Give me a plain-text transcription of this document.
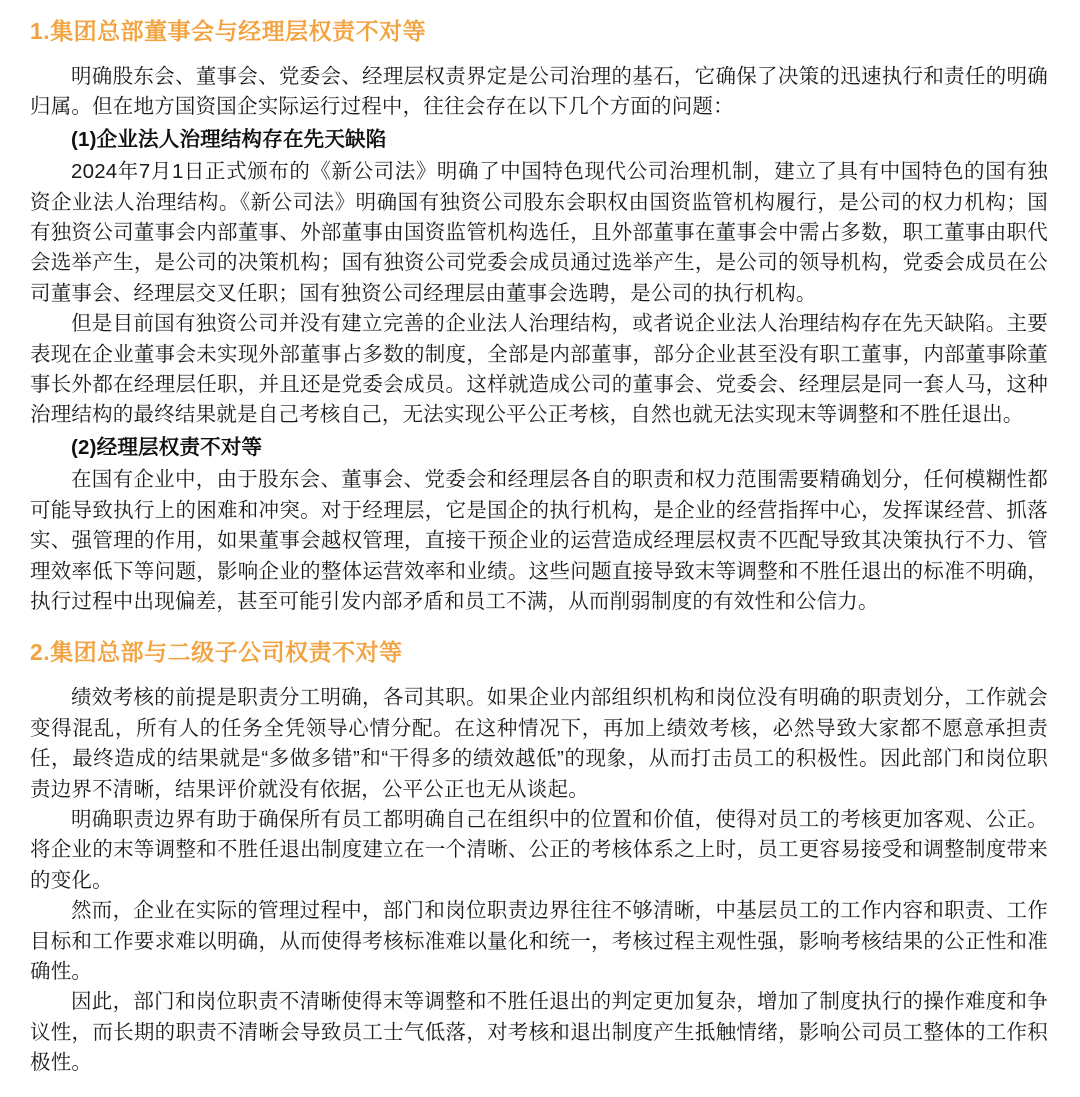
1.集团总部董事会与经理层权责不对等

明确股东会、董事会、党委会、经理层权责界定是公司治理的基石，它确保了决策的迅速执行和责任的明确归属。但在地方国资国企实际运行过程中，往往会存在以下几个方面的问题：

(1)企业法人治理结构存在先天缺陷

2024年7月1日正式颁布的《新公司法》明确了中国特色现代公司治理机制，建立了具有中国特色的国有独资企业法人治理结构。《新公司法》明确国有独资公司股东会职权由国资监管机构履行，是公司的权力机构；国有独资公司董事会内部董事、外部董事由国资监管机构选任，且外部董事在董事会中需占多数，职工董事由职代会选举产生，是公司的决策机构；国有独资公司党委会成员通过选举产生，是公司的领导机构，党委会成员在公司董事会、经理层交叉任职；国有独资公司经理层由董事会选聘，是公司的执行机构。

但是目前国有独资公司并没有建立完善的企业法人治理结构，或者说企业法人治理结构存在先天缺陷。主要表现在企业董事会未实现外部董事占多数的制度，全部是内部董事，部分企业甚至没有职工董事，内部董事除董事长外都在经理层任职，并且还是党委会成员。这样就造成公司的董事会、党委会、经理层是同一套人马，这种治理结构的最终结果就是自己考核自己，无法实现公平公正考核，自然也就无法实现末等调整和不胜任退出。

(2)经理层权责不对等

在国有企业中，由于股东会、董事会、党委会和经理层各自的职责和权力范围需要精确划分，任何模糊性都可能导致执行上的困难和冲突。对于经理层，它是国企的执行机构，是企业的经营指挥中心，发挥谋经营、抓落实、强管理的作用，如果董事会越权管理，直接干预企业的运营造成经理层权责不匹配导致其决策执行不力、管理效率低下等问题，影响企业的整体运营效率和业绩。这些问题直接导致末等调整和不胜任退出的标准不明确，执行过程中出现偏差，甚至可能引发内部矛盾和员工不满，从而削弱制度的有效性和公信力。

2.集团总部与二级子公司权责不对等

绩效考核的前提是职责分工明确，各司其职。如果企业内部组织机构和岗位没有明确的职责划分，工作就会变得混乱，所有人的任务全凭领导心情分配。在这种情况下，再加上绩效考核，必然导致大家都不愿意承担责任，最终造成的结果就是“多做多错”和“干得多的绩效越低”的现象，从而打击员工的积极性。因此部门和岗位职责边界不清晰，结果评价就没有依据，公平公正也无从谈起。

明确职责边界有助于确保所有员工都明确自己在组织中的位置和价值，使得对员工的考核更加客观、公正。将企业的末等调整和不胜任退出制度建立在一个清晰、公正的考核体系之上时，员工更容易接受和调整制度带来的变化。

然而，企业在实际的管理过程中，部门和岗位职责边界往往不够清晰，中基层员工的工作内容和职责、工作目标和工作要求难以明确，从而使得考核标准难以量化和统一，考核过程主观性强，影响考核结果的公正性和准确性。

因此，部门和岗位职责不清晰使得末等调整和不胜任退出的判定更加复杂，增加了制度执行的操作难度和争议性，而长期的职责不清晰会导致员工士气低落，对考核和退出制度产生抵触情绪，影响公司员工整体的工作积极性。
